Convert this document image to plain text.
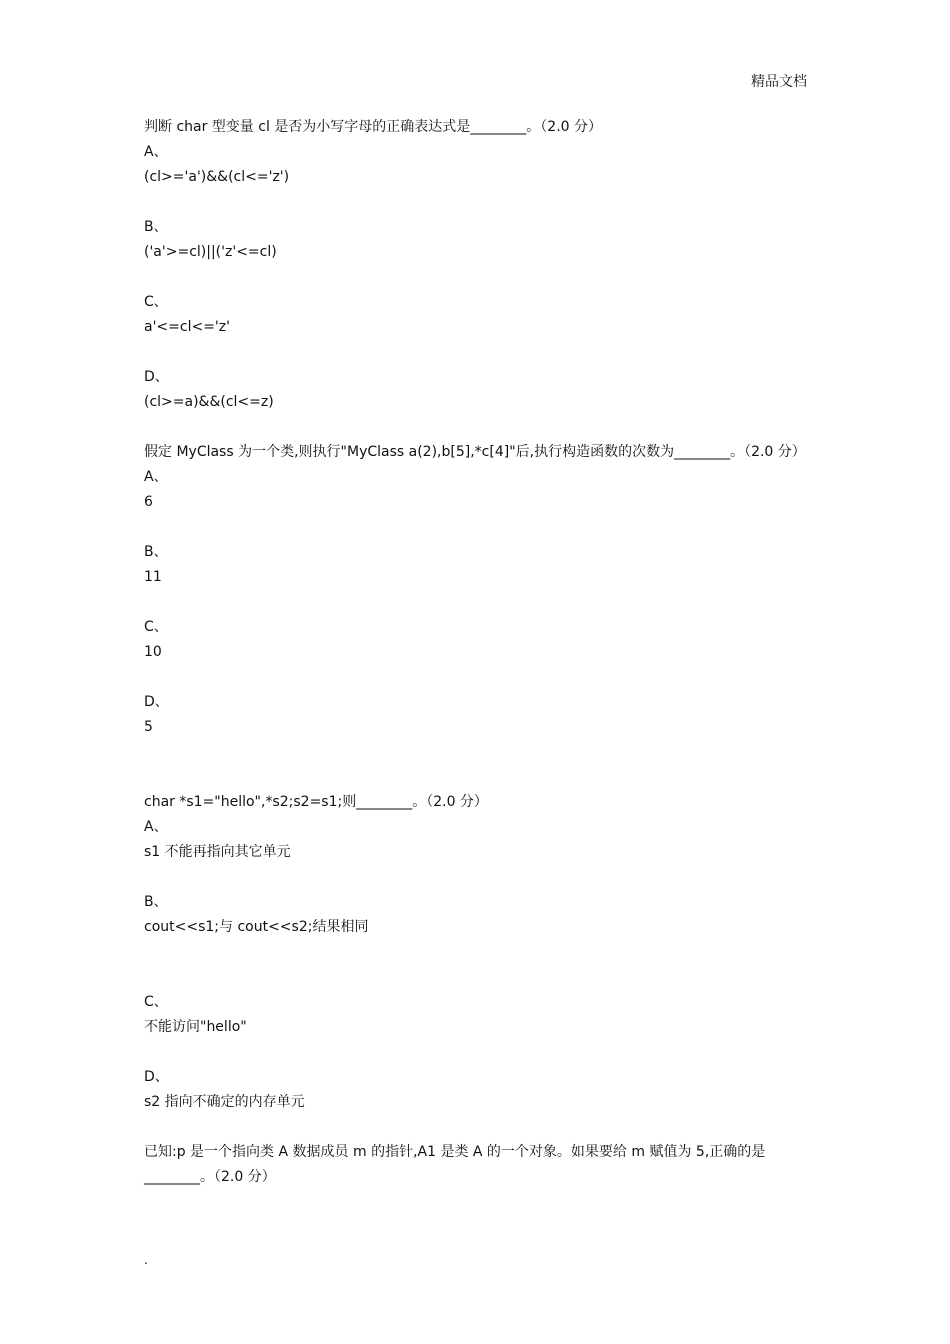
精品文档

判断 char 型变量 cl 是否为小写字母的正确表达式是________。（2.0 分）

A、
(cl>='a')&&(cl<='z')
B、
('a'>=cl)||('z'<=cl)
C、
a'<=cl<='z'
D、
(cl>=a)&&(cl<=z)

假定 MyClass 为一个类,则执行"MyClass a(2),b[5],*c[4]"后,执行构造函数的次数为________。（2.0 分）

A、
6
B、
11
C、
10
D、
5

char *s1="hello",*s2;s2=s1;则________。（2.0 分）

A、
s1 不能再指向其它单元
B、
cout<<s1;与 cout<<s2;结果相同
C、
不能访问"hello"
D、
s2 指向不确定的内存单元

已知:p 是一个指向类 A 数据成员 m 的指针,A1 是类 A 的一个对象。如果要给 m 赋值为 5,正确的是________。（2.0 分）

.
